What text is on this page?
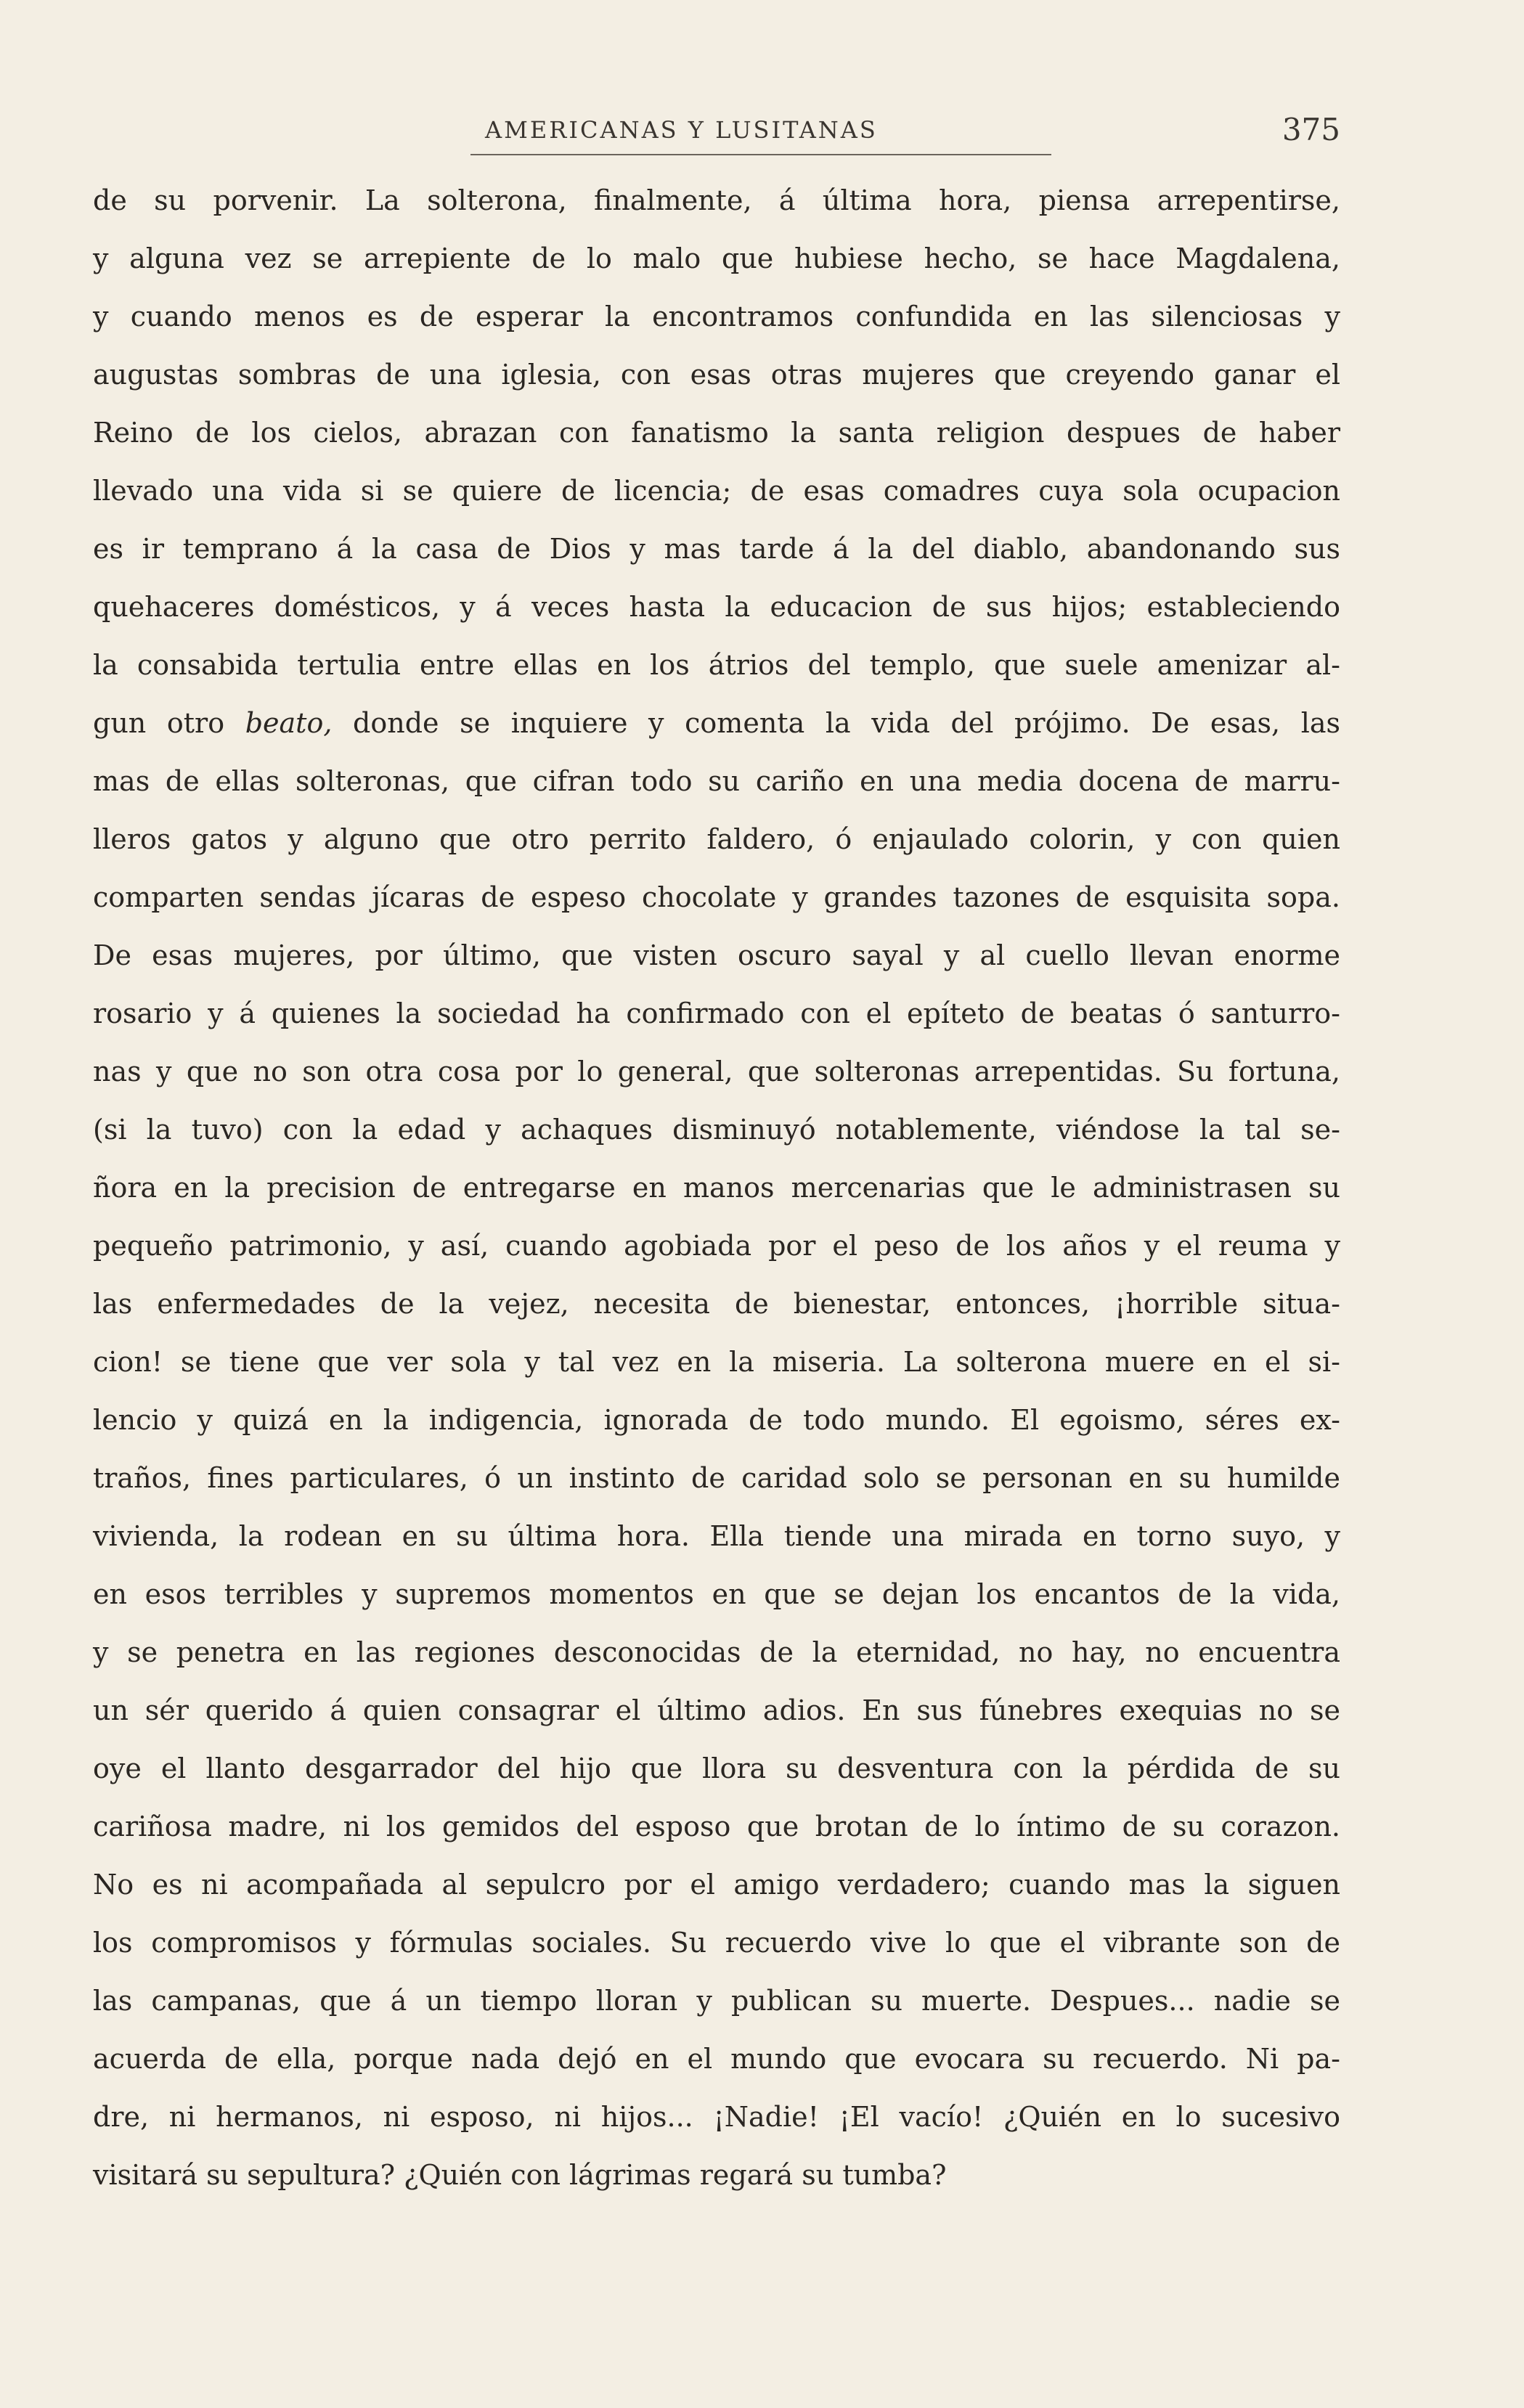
AMERICANAS Y LUSITANAS	375
de su porvenir. La solterona, finalmente, á última hora, piensa arrepentirse,
y alguna vez se arrepiente de lo malo que hubiese hecho, se hace Magdalena,
y cuando menos es de esperar la encontramos confundida en las silenciosas y
augustas sombras de una iglesia, con esas otras mujeres que creyendo ganar el
Reino de los cielos, abrazan con fanatismo la santa religion despues de haber
llevado una vida si se quiere de licencia; de esas comadres cuya sola ocupacion
es ir temprano á la casa de Dios y mas tarde á la del diablo, abandonando sus
quehaceres domésticos, y á veces hasta la educacion de sus hijos; estableciendo
la consabida tertulia entre ellas en los átrios del templo, que suele amenizar al-
gun otro beato, donde se inquiere y comenta la vida del prójimo. De esas, las
mas de ellas solteronas, que cifran todo su cariño en una media docena de marru-
lleros gatos y alguno que otro perrito faldero, ó enjaulado colorin, y con quien
comparten sendas jícaras de espeso chocolate y grandes tazones de esquisita sopa.
De esas mujeres, por último, que visten oscuro sayal y al cuello llevan enorme
rosario y á quienes la sociedad ha confirmado con el epíteto de beatas ó santurro-
nas y que no son otra cosa por lo general, que solteronas arrepentidas. Su fortuna,
(si la tuvo) con la edad y achaques disminuyó notablemente, viéndose la tal se-
ñora en la precision de entregarse en manos mercenarias que le administrasen su
pequeño patrimonio, y así, cuando agobiada por el peso de los años y el reuma y
las enfermedades de la vejez, necesita de bienestar, entonces, ¡horrible situa-
cion! se tiene que ver sola y tal vez en la miseria. La solterona muere en el si-
lencio y quizá en la indigencia, ignorada de todo mundo. El egoismo, séres ex-
traños, fines particulares, ó un instinto de caridad solo se personan en su humilde
vivienda, la rodean en su última hora. Ella tiende una mirada en torno suyo, y
en esos terribles y supremos momentos en que se dejan los encantos de la vida,
y se penetra en las regiones desconocidas de la eternidad, no hay, no encuentra
un sér querido á quien consagrar el último adios. En sus fúnebres exequias no se
oye el llanto desgarrador del hijo que llora su desventura con la pérdida de su
cariñosa madre, ni los gemidos del esposo que brotan de lo íntimo de su corazon.
No es ni acompañada al sepulcro por el amigo verdadero; cuando mas la siguen
los compromisos y fórmulas sociales. Su recuerdo vive lo que el vibrante son de
las campanas, que á un tiempo lloran y publican su muerte. Despues... nadie se
acuerda de ella, porque nada dejó en el mundo que evocara su recuerdo. Ni pa-
dre, ni hermanos, ni esposo, ni hijos... ¡Nadie! ¡El vacío! ¿Quién en lo sucesivo
visitará su sepultura? ¿Quién con lágrimas regará su tumba?
